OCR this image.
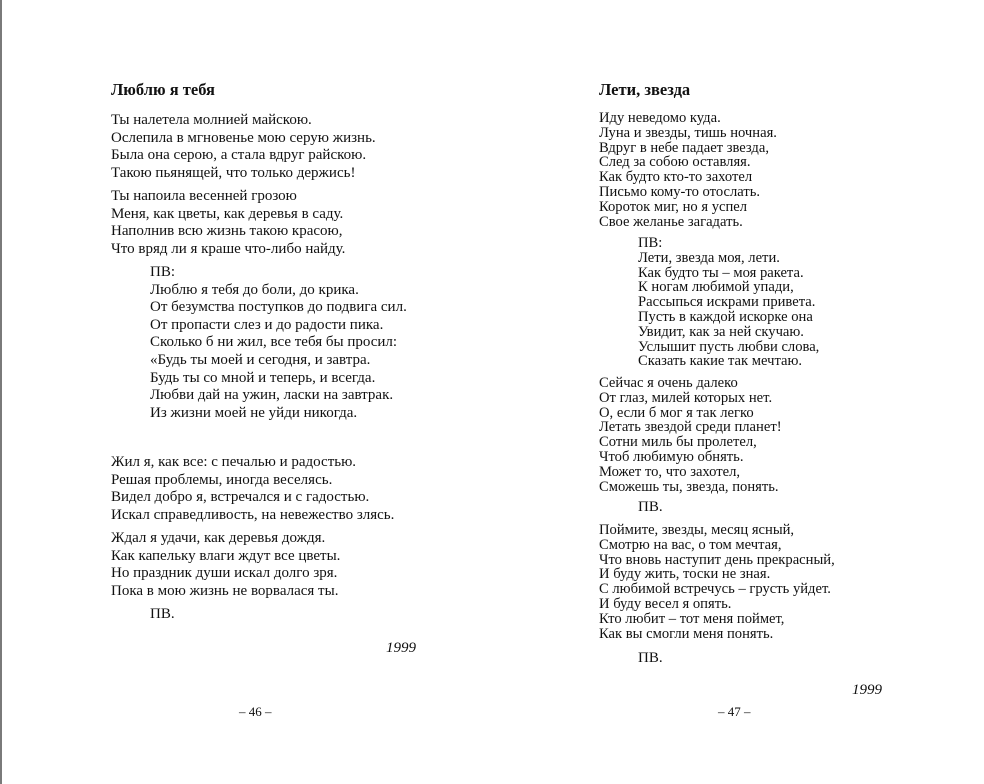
Люблю я тебя
Ты налетела молнией майскою.
Ослепила в мгновенье мою серую жизнь.
Была она серою, а стала вдруг райскою.
Такою пьянящей, что только держись!
Ты напоила весенней грозою
Меня, как цветы, как деревья в саду.
Наполнив всю жизнь такою красою,
Что вряд ли я краше что-либо найду.
ПВ:
Люблю я тебя до боли, до крика.
От безумства поступков до подвига сил.
От пропасти слез и до радости пика.
Сколько б ни жил, все тебя бы просил:
«Будь ты моей и сегодня, и завтра.
Будь ты со мной и теперь, и всегда.
Любви дай на ужин, ласки на завтрак.
Из жизни моей не уйди никогда.
Жил я, как все: с печалью и радостью.
Решая проблемы, иногда веселясь.
Видел добро я, встречался и с гадостью.
Искал справедливость, на невежество злясь.
Ждал я удачи, как деревья дождя.
Как капельку влаги ждут все цветы.
Но праздник души искал долго зря.
Пока в мою жизнь не ворвалася ты.
ПВ.
1999
– 46 –
Лети, звезда
Иду неведомо куда.
Луна и звезды, тишь ночная.
Вдруг в небе падает звезда,
След за собою оставляя.
Как будто кто-то захотел
Письмо кому-то отослать.
Короток миг, но я успел
Свое желанье загадать.
ПВ:
Лети, звезда моя, лети.
Как будто ты – моя ракета.
К ногам любимой упади,
Рассыпься искрами привета.
Пусть в каждой искорке она
Увидит, как за ней скучаю.
Услышит пусть любви слова,
Сказать какие так мечтаю.
Сейчас я очень далеко
От глаз, милей которых нет.
О, если б мог я так легко
Летать звездой среди планет!
Сотни миль бы пролетел,
Чтоб любимую обнять.
Может то, что захотел,
Сможешь ты, звезда, понять.
ПВ.
Поймите, звезды, месяц ясный,
Смотрю на вас, о том мечтая,
Что вновь наступит день прекрасный,
И буду жить, тоски не зная.
С любимой встречусь – грусть уйдет.
И буду весел я опять.
Кто любит – тот меня поймет,
Как вы смогли меня понять.
ПВ.
1999
– 47 –
